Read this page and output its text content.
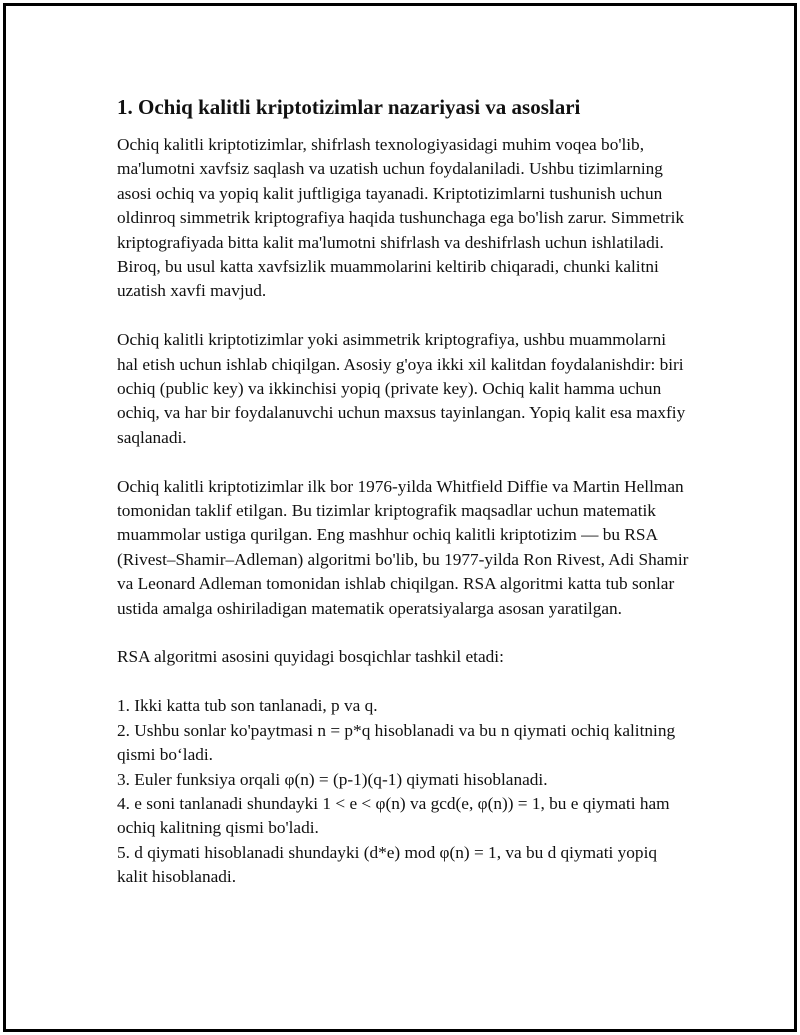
1. Ochiq kalitli kriptotizimlar nazariyasi va asoslari

Ochiq kalitli kriptotizimlar, shifrlash texnologiyasidagi muhim voqea bo'lib, ma'lumotni xavfsiz saqlash va uzatish uchun foydalaniladi. Ushbu tizimlarning asosi ochiq va yopiq kalit juftligiga tayanadi. Kriptotizimlarni tushunish uchun oldinroq simmetrik kriptografiya haqida tushunchaga ega bo'lish zarur. Simmetrik kriptografiyada bitta kalit ma'lumotni shifrlash va deshifrlash uchun ishlatiladi. Biroq, bu usul katta xavfsizlik muammolarini keltirib chiqaradi, chunki kalitni uzatish xavfi mavjud.

Ochiq kalitli kriptotizimlar yoki asimmetrik kriptografiya, ushbu muammolarni hal etish uchun ishlab chiqilgan. Asosiy g'oya ikki xil kalitdan foydalanishdir: biri ochiq (public key) va ikkinchisi yopiq (private key). Ochiq kalit hamma uchun ochiq, va har bir foydalanuvchi uchun maxsus tayinlangan. Yopiq kalit esa maxfiy saqlanadi.

Ochiq kalitli kriptotizimlar ilk bor 1976-yilda Whitfield Diffie va Martin Hellman tomonidan taklif etilgan. Bu tizimlar kriptografik maqsadlar uchun matematik muammolar ustiga qurilgan. Eng mashhur ochiq kalitli kriptotizim — bu RSA (Rivest–Shamir–Adleman) algoritmi bo'lib, bu 1977-yilda Ron Rivest, Adi Shamir va Leonard Adleman tomonidan ishlab chiqilgan. RSA algoritmi katta tub sonlar ustida amalga oshiriladigan matematik operatsiyalarga asosan yaratilgan.

RSA algoritmi asosini quyidagi bosqichlar tashkil etadi:

1. Ikki katta tub son tanlanadi, p va q.

2. Ushbu sonlar ko'paytmasi n = p*q hisoblanadi va bu n qiymati ochiq kalitning qismi bo‘ladi.

3. Euler funksiya orqali φ(n) = (p-1)(q-1) qiymati hisoblanadi.

4. e soni tanlanadi shundayki 1 < e < φ(n) va gcd(e, φ(n)) = 1, bu e qiymati ham ochiq kalitning qismi bo'ladi.

5. d qiymati hisoblanadi shundayki (d*e) mod φ(n) = 1, va bu d qiymati yopiq kalit hisoblanadi.
